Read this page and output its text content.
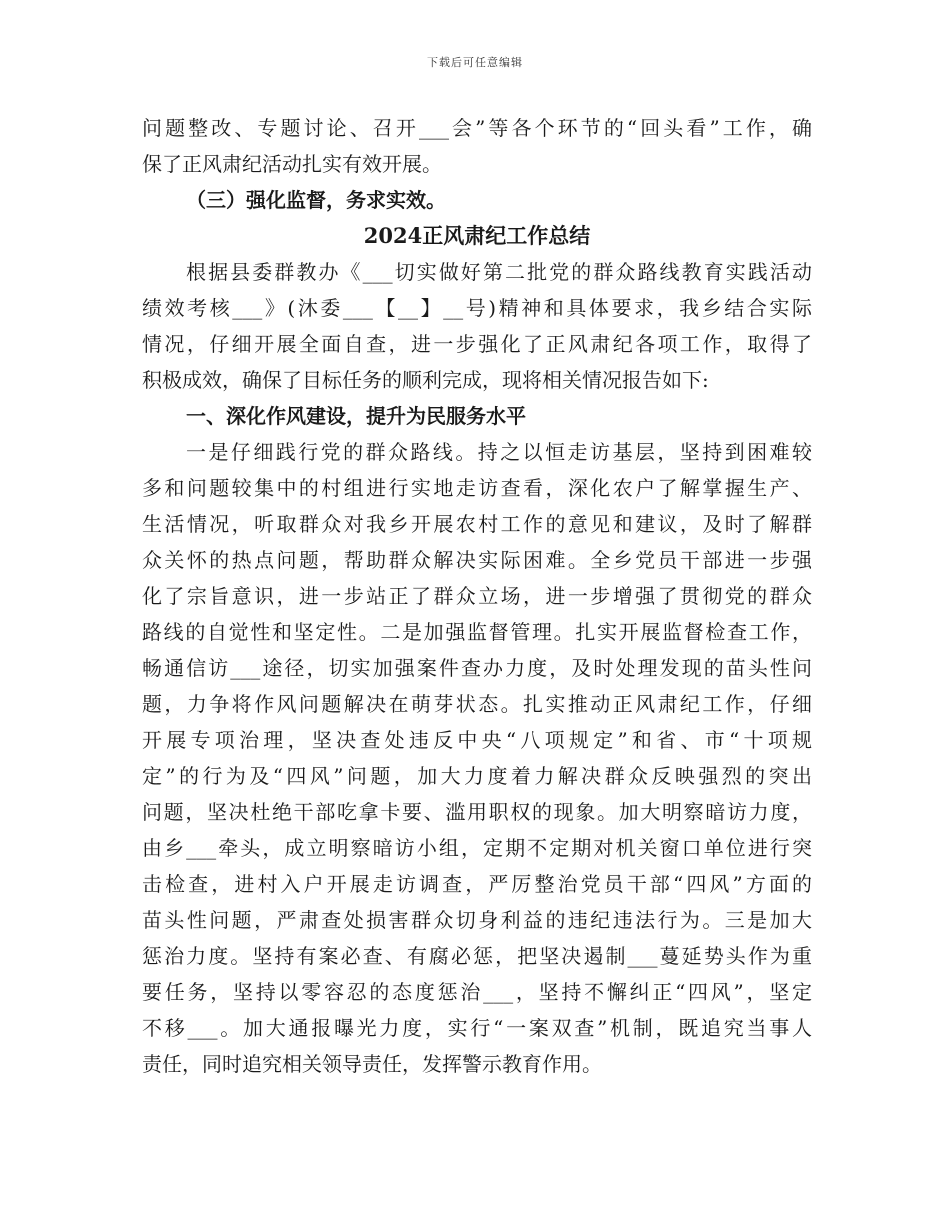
下载后可任意编辑
问题整改、专题讨论、召开___会”等各个环节的“回头看”工作，确
保了正风肃纪活动扎实有效开展。
（三）强化监督，务求实效。
2024正风肃纪工作总结
根据县委群教办《___切实做好第二批党的群众路线教育实践活动
绩效考核___》(沐委___【__】__号)精神和具体要求，我乡结合实际
情况，仔细开展全面自查，进一步强化了正风肃纪各项工作，取得了
积极成效，确保了目标任务的顺利完成，现将相关情况报告如下:
一、深化作风建设，提升为民服务水平
一是仔细践行党的群众路线。持之以恒走访基层，坚持到困难较
多和问题较集中的村组进行实地走访查看，深化农户了解掌握生产、
生活情况，听取群众对我乡开展农村工作的意见和建议，及时了解群
众关怀的热点问题，帮助群众解决实际困难。全乡党员干部进一步强
化了宗旨意识，进一步站正了群众立场，进一步增强了贯彻党的群众
路线的自觉性和坚定性。二是加强监督管理。扎实开展监督检查工作，
畅通信访___途径，切实加强案件查办力度，及时处理发现的苗头性问
题，力争将作风问题解决在萌芽状态。扎实推动正风肃纪工作，仔细
开展专项治理，坚决查处违反中央“八项规定”和省、市“十项规
定”的行为及“四风”问题，加大力度着力解决群众反映强烈的突出
问题，坚决杜绝干部吃拿卡要、滥用职权的现象。加大明察暗访力度，
由乡___牵头，成立明察暗访小组，定期不定期对机关窗口单位进行突
击检查，进村入户开展走访调查，严厉整治党员干部“四风”方面的
苗头性问题，严肃查处损害群众切身利益的违纪违法行为。三是加大
惩治力度。坚持有案必查、有腐必惩，把坚决遏制___蔓延势头作为重
要任务，坚持以零容忍的态度惩治___，坚持不懈纠正“四风”，坚定
不移___。加大通报曝光力度，实行“一案双查”机制，既追究当事人
责任，同时追究相关领导责任，发挥警示教育作用。
